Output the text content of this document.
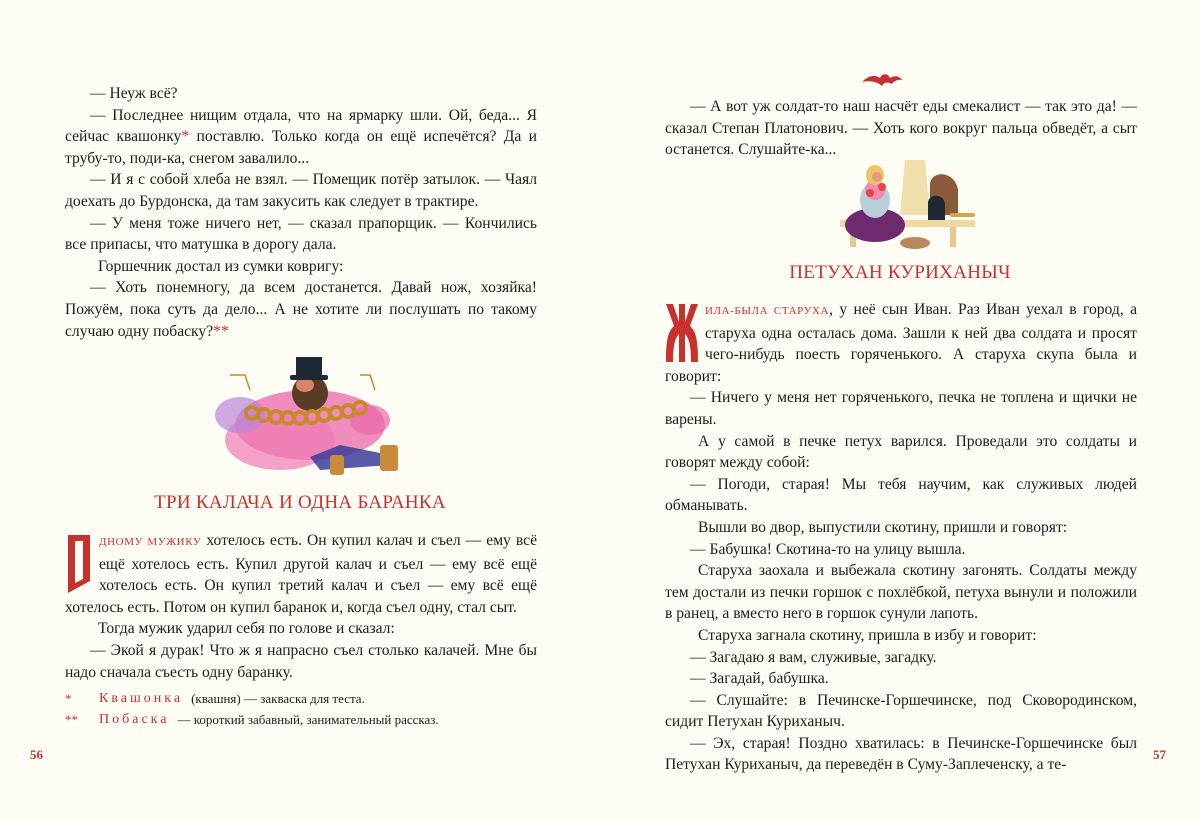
— Неуж всё?

— Последнее нищим отдала, что на ярмарку шли. Ой, беда... Я сейчас квашонку* поставлю. Только когда он ещё испечётся? Да и трубу-то, поди-ка, снегом завалило...

— И я с собой хлеба не взял. — Помещик потёр затылок. — Чаял доехать до Бурдонска, да там закусить как следует в трактире.

— У меня тоже ничего нет, — сказал прапорщик. — Кончились все припасы, что матушка в дорогу дала.

Горшечник достал из сумки ковригу:

— Хоть понемногу, да всем достанется. Давай нож, хозяйка! Пожуём, пока суть да дело... А не хотите ли послушать по такому случаю одну побаску?**

ТРИ КАЛАЧА И ОДНА БАРАНКА
ДНОМУ МУЖИКУ хотелось есть. Он купил калач и съел — ему всё ещё хотелось есть. Купил другой калач и съел — ему всё ещё хотелось есть. Он купил третий калач и съел — ему всё ещё хотелось есть. Потом он купил баранок и, когда съел одну, стал сыт.

Тогда мужик ударил себя по голове и сказал:

— Экой я дурак! Что ж я напрасно съел столько калачей. Мне бы надо сначала съесть одну баранку.

*	Квашонка (квашня) — закваска для теста.
**	Побаска — короткий забавный, занимательный рассказ.
56

— А вот уж солдат-то наш насчёт еды смекалист — так это да! — сказал Степан Платонович. — Хоть кого вокруг пальца обведёт, а сыт останется. Слушайте-ка...

ПЕТУХАН КУРИХАНЫЧ
ИЛА-БЫЛА СТАРУХА, у неё сын Иван. Раз Иван уехал в город, а старуха одна осталась дома. Зашли к ней два солдата и просят чего-нибудь поесть горяченького. А старуха скупа была и говорит:

— Ничего у меня нет горяченького, печка не топлена и щички не варены.

А у самой в печке петух варился. Проведали это солдаты и говорят между собой:

— Погоди, старая! Мы тебя научим, как служивых людей обманывать.

Вышли во двор, выпустили скотину, пришли и говорят:

— Бабушка! Скотина-то на улицу вышла.

Старуха заохала и выбежала скотину загонять. Солдаты между тем достали из печки горшок с похлёбкой, петуха вынули и положили в ранец, а вместо него в горшок сунули лапоть.

Старуха загнала скотину, пришла в избу и говорит:

— Загадаю я вам, служивые, загадку.

— Загадай, бабушка.

— Слушайте: в Печинске-Горшечинске, под Сковородинском, сидит Петухан Куриханыч.

— Эх, старая! Поздно хватилась: в Печинске-Горшечинске был Петухан Куриханыч, да переведён в Суму-Заплеченску, а те-

57
